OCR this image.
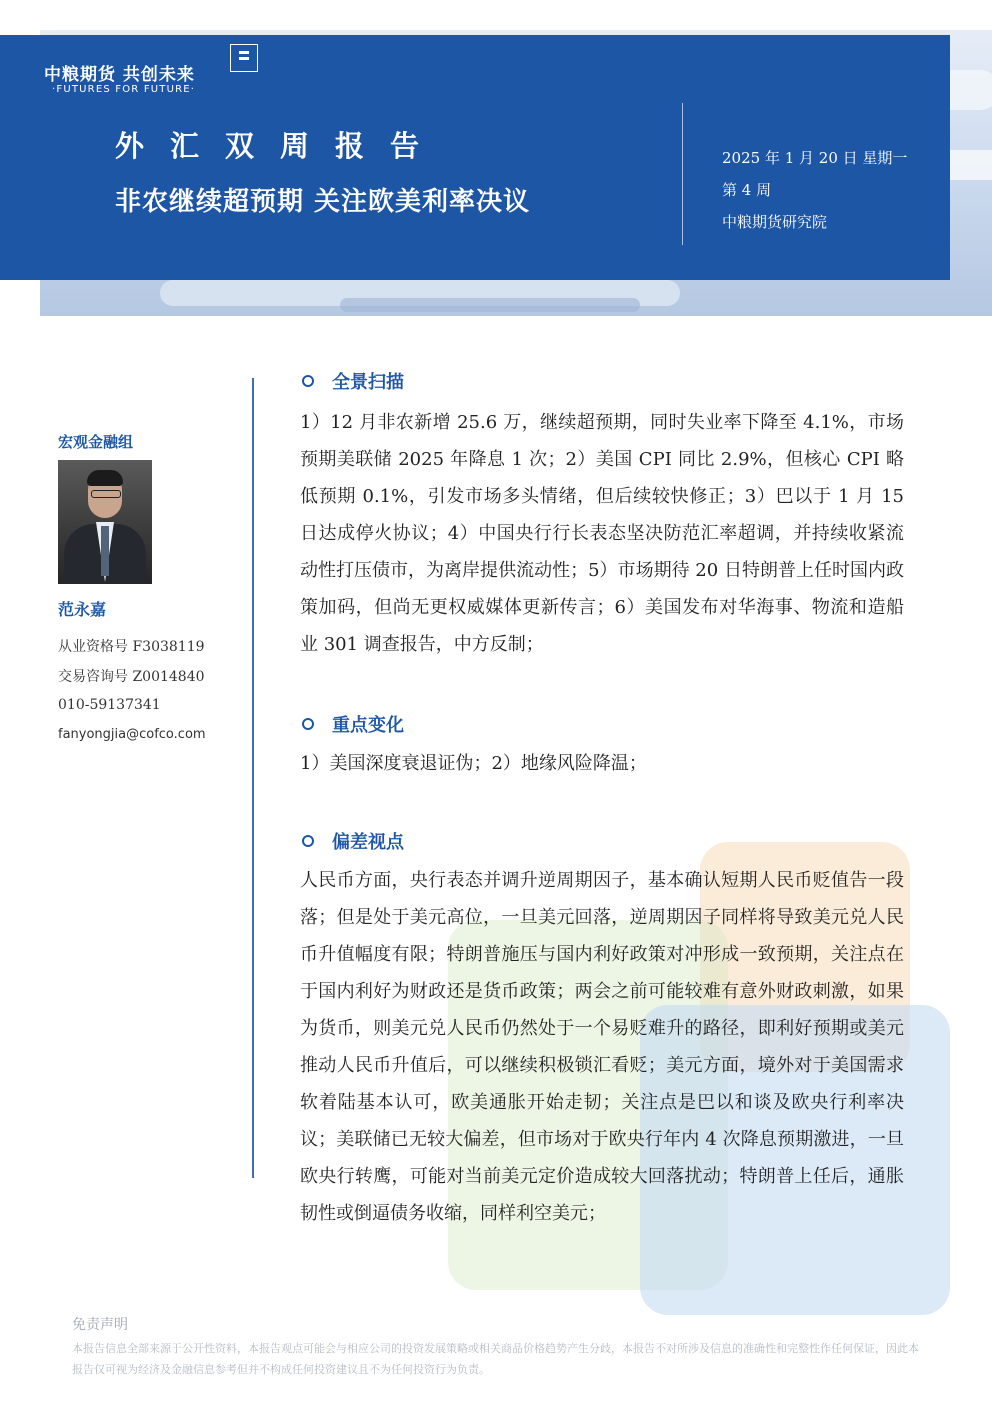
中粮期货 共创未来
·FUTURES FOR FUTURE·
外汇双周报告
非农继续超预期 关注欧美利率决议
2025 年 1 月 20 日 星期一
第 4 周
中粮期货研究院
宏观金融组
范永嘉
从业资格号 F3038119
交易咨询号 Z0014840
010-59137341
fanyongjia@cofco.com
全景扫描
1）12 月非农新增 25.6 万，继续超预期，同时失业率下降至 4.1%，市场预期美联储 2025 年降息 1 次；2）美国 CPI 同比 2.9%，但核心 CPI 略低预期 0.1%，引发市场多头情绪，但后续较快修正；3）巴以于 1 月 15 日达成停火协议；4）中国央行行长表态坚决防范汇率超调，并持续收紧流动性打压债市，为离岸提供流动性；5）市场期待 20 日特朗普上任时国内政策加码，但尚无更权威媒体更新传言；6）美国发布对华海事、物流和造船业 301 调查报告，中方反制；
重点变化
1）美国深度衰退证伪；2）地缘风险降温；
偏差视点
人民币方面，央行表态并调升逆周期因子，基本确认短期人民币贬值告一段落；但是处于美元高位，一旦美元回落，逆周期因子同样将导致美元兑人民币升值幅度有限；特朗普施压与国内利好政策对冲形成一致预期，关注点在于国内利好为财政还是货币政策；两会之前可能较难有意外财政刺激，如果为货币，则美元兑人民币仍然处于一个易贬难升的路径，即利好预期或美元推动人民币升值后，可以继续积极锁汇看贬；美元方面，境外对于美国需求软着陆基本认可，欧美通胀开始走韧；关注点是巴以和谈及欧央行利率决议；美联储已无较大偏差，但市场对于欧央行年内 4 次降息预期激进，一旦欧央行转鹰，可能对当前美元定价造成较大回落扰动；特朗普上任后，通胀韧性或倒逼债务收缩，同样利空美元；
免责声明
本报告信息全部来源于公开性资料，本报告观点可能会与相应公司的投资发展策略或相关商品价格趋势产生分歧，本报告不对所涉及信息的准确性和完整性作任何保证，因此本报告仅可视为经济及金融信息参考但并不构成任何投资建议且不为任何投资行为负责。
